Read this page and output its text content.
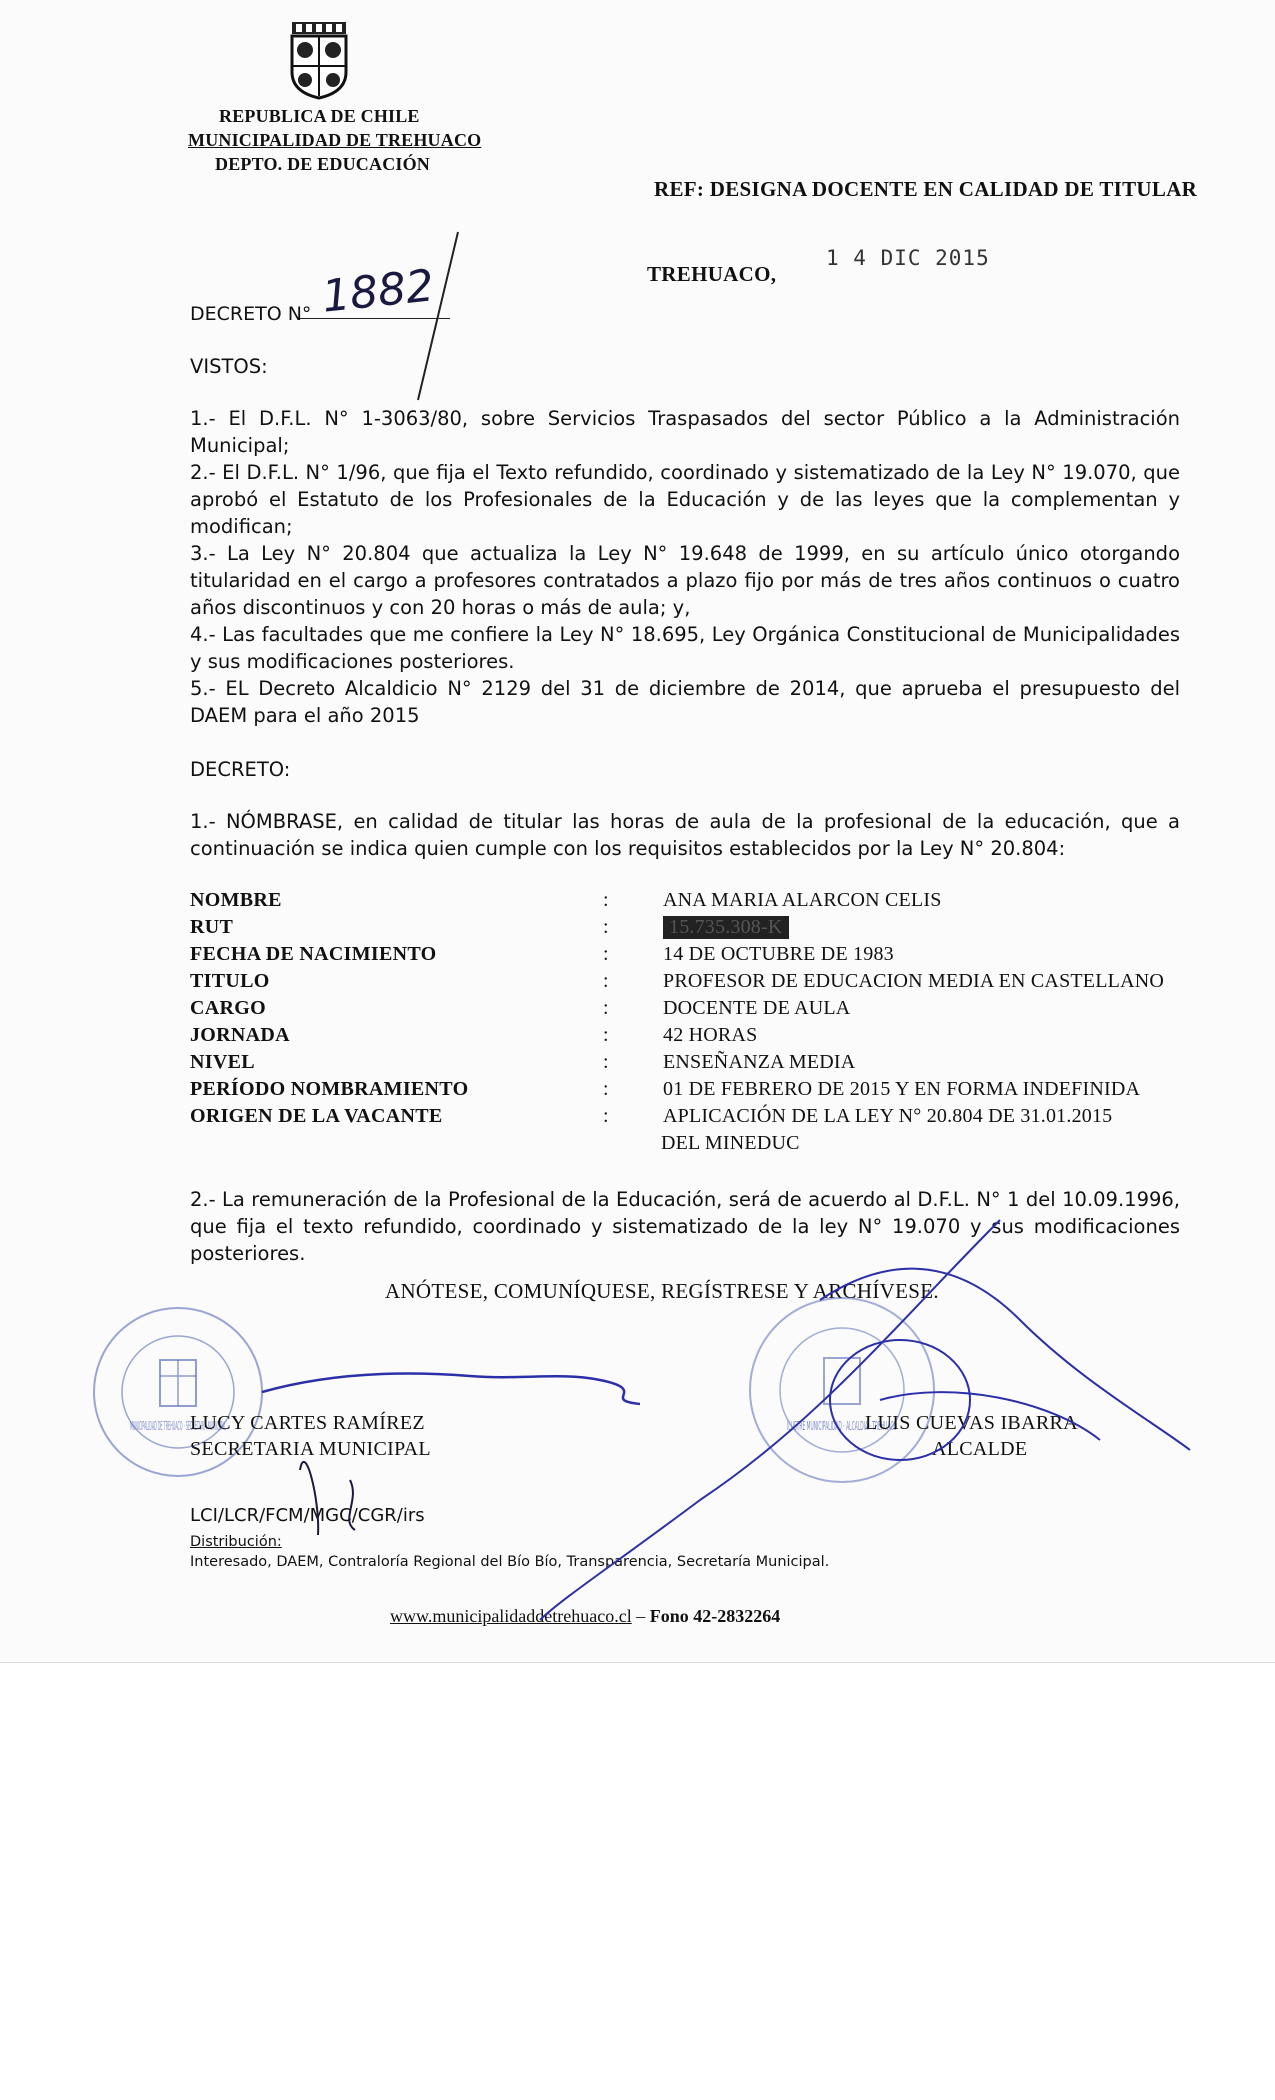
REPUBLICA DE CHILE
MUNICIPALIDAD DE TREHUACO
DEPTO. DE EDUCACIÓN
REF: DESIGNA DOCENTE EN CALIDAD DE TITULAR
TREHUACO,
1 4 DIC 2015
DECRETO N° 1882
VISTOS:
1.- El D.F.L. N° 1-3063/80, sobre Servicios Traspasados del sector Público a la Administración Municipal;
2.- El D.F.L. N° 1/96, que fija el Texto refundido, coordinado y sistematizado de la Ley N° 19.070, que aprobó el Estatuto de los Profesionales de la Educación y de las leyes que la complementan y modifican;
3.- La Ley N° 20.804 que actualiza la Ley N° 19.648 de 1999, en su artículo único otorgando titularidad en el cargo a profesores contratados a plazo fijo por más de tres años continuos o cuatro años discontinuos y con 20 horas o más de aula; y,
4.- Las facultades que me confiere la Ley N° 18.695, Ley Orgánica Constitucional de Municipalidades y sus modificaciones posteriores.
5.- EL Decreto Alcaldicio N° 2129 del 31 de diciembre de 2014, que aprueba el presupuesto del DAEM para el año 2015
DECRETO:
1.- NÓMBRASE, en calidad de titular las horas de aula de la profesional de la educación, que a continuación se indica quien cumple con los requisitos establecidos por la Ley N° 20.804:
NOMBRE	:	ANA MARIA ALARCON CELIS
RUT	:	15.735.308-K
FECHA DE NACIMIENTO	:	14 DE OCTUBRE DE 1983
TITULO	:	PROFESOR DE EDUCACION MEDIA EN CASTELLANO
CARGO	:	DOCENTE DE AULA
JORNADA	:	42 HORAS
NIVEL	:	ENSEÑANZA MEDIA
PERÍODO NOMBRAMIENTO	:	01 DE FEBRERO DE 2015 Y EN FORMA INDEFINIDA
ORIGEN DE LA VACANTE	:	APLICACIÓN DE LA LEY N° 20.804 DE 31.01.2015
DEL MINEDUC
2.- La remuneración de la Profesional de la Educación, será de acuerdo al D.F.L. N° 1 del 10.09.1996, que fija el texto refundido, coordinado y sistematizado de la ley N° 19.070 y sus modificaciones posteriores.
ANÓTESE, COMUNÍQUESE, REGÍSTRESE Y ARCHÍVESE.
MUNICIPALIDAD DE TREHUACO · SECRETARIA MUNICIPAL	ILUSTRE MUNICIPALIDAD · ALCALDIA · TREHUACO
LUCY CARTES RAMÍREZ
SECRETARIA MUNICIPAL
LUIS CUEVAS IBARRA
ALCALDE
LCI/LCR/FCM/MGC/CGR/irs
Distribución:
Interesado, DAEM, Contraloría Regional del Bío Bío, Transparencia, Secretaría Municipal.
www.municipalidaddetrehuaco.cl – Fono 42-2832264
